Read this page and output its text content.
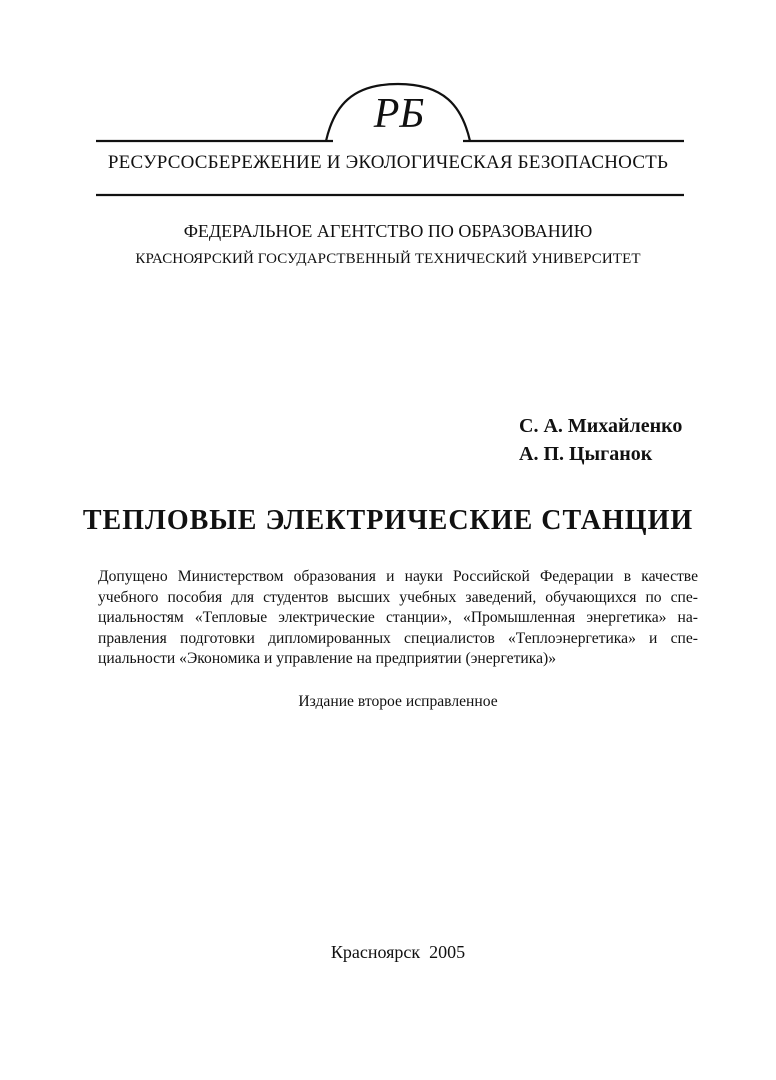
РБ
РЕСУРСОСБЕРЕЖЕНИЕ И ЭКОЛОГИЧЕСКАЯ БЕЗОПАСНОСТЬ
ФЕДЕРАЛЬНОЕ АГЕНТСТВО ПО ОБРАЗОВАНИЮ
КРАСНОЯРСКИЙ ГОСУДАРСТВЕННЫЙ ТЕХНИЧЕСКИЙ УНИВЕРСИТЕТ
С. А. Михайленко
А. П. Цыганок
ТЕПЛОВЫЕ ЭЛЕКТРИЧЕСКИЕ СТАНЦИИ
Допущено Министерством образования и науки Российской Федерации в качестве
учебного пособия для студентов высших учебных заведений, обучающихся по спе-
циальностям «Тепловые электрические станции», «Промышленная энергетика» на-
правления подготовки дипломированных специалистов «Теплоэнергетика» и спе-
циальности «Экономика и управление на предприятии (энергетика)»
Издание второе исправленное
Красноярск  2005
